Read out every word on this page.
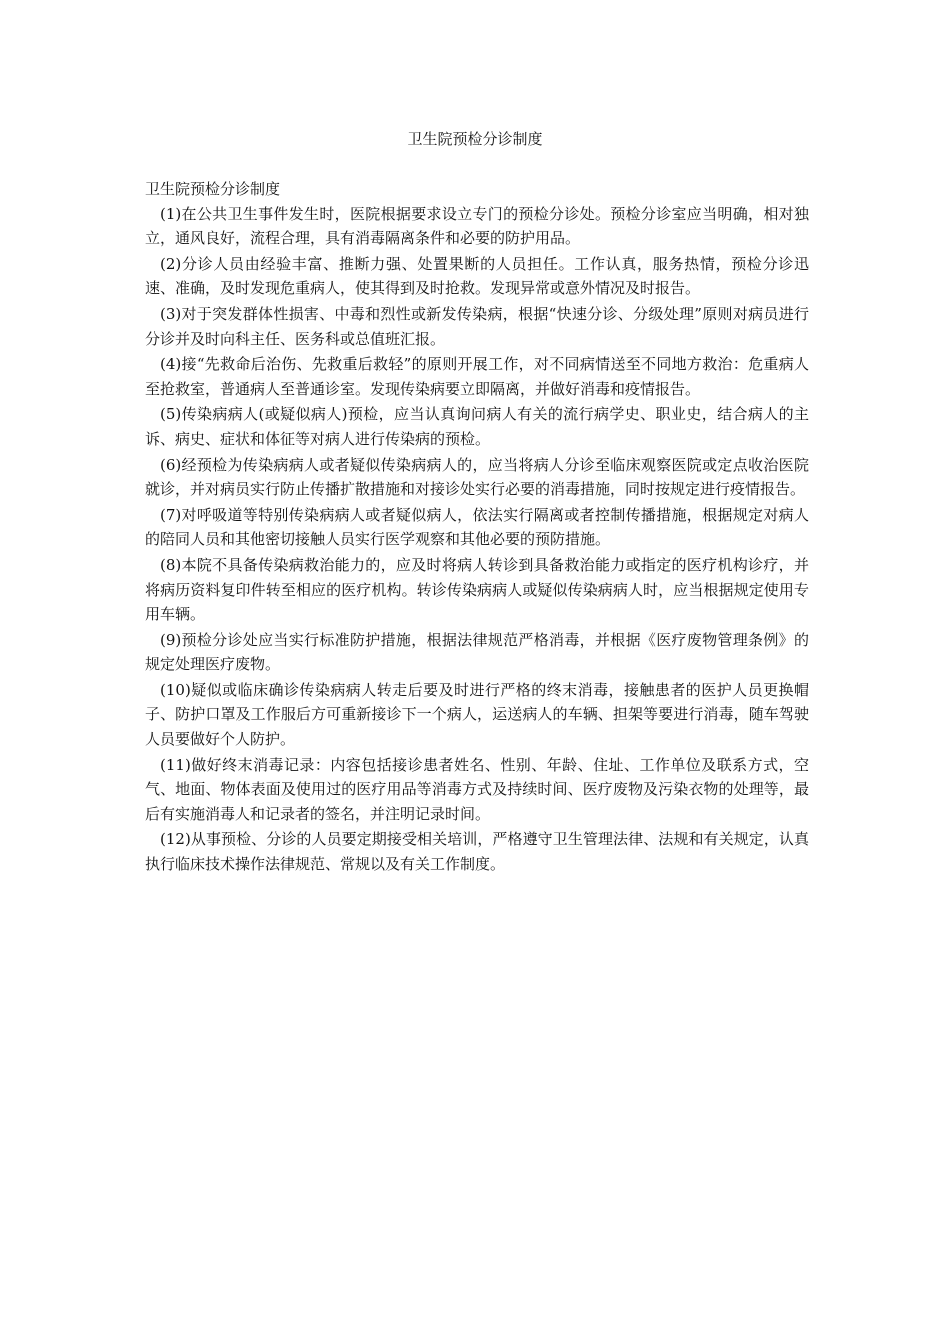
卫生院预检分诊制度

卫生院预检分诊制度

(1)在公共卫生事件发生时，医院根据要求设立专门的预检分诊处。预检分诊室应当明确，相对独立，通风良好，流程合理，具有消毒隔离条件和必要的防护用品。

(2)分诊人员由经验丰富、推断力强、处置果断的人员担任。工作认真，服务热情，预检分诊迅速、准确，及时发现危重病人，使其得到及时抢救。发现异常或意外情况及时报告。

(3)对于突发群体性损害、中毒和烈性或新发传染病，根据“快速分诊、分级处理”原则对病员进行分诊并及时向科主任、医务科或总值班汇报。

(4)接“先救命后治伤、先救重后救轻”的原则开展工作，对不同病情送至不同地方救治：危重病人至抢救室，普通病人至普通诊室。发现传染病要立即隔离，并做好消毒和疫情报告。

(5)传染病病人(或疑似病人)预检，应当认真询问病人有关的流行病学史、职业史，结合病人的主诉、病史、症状和体征等对病人进行传染病的预检。

(6)经预检为传染病病人或者疑似传染病病人的，应当将病人分诊至临床观察医院或定点收治医院就诊，并对病员实行防止传播扩散措施和对接诊处实行必要的消毒措施，同时按规定进行疫情报告。

(7)对呼吸道等特别传染病病人或者疑似病人，依法实行隔离或者控制传播措施，根据规定对病人的陪同人员和其他密切接触人员实行医学观察和其他必要的预防措施。

(8)本院不具备传染病救治能力的，应及时将病人转诊到具备救治能力或指定的医疗机构诊疗，并将病历资料复印件转至相应的医疗机构。转诊传染病病人或疑似传染病病人时，应当根据规定使用专用车辆。

(9)预检分诊处应当实行标准防护措施，根据法律规范严格消毒，并根据《医疗废物管理条例》的规定处理医疗废物。

(10)疑似或临床确诊传染病病人转走后要及时进行严格的终末消毒，接触患者的医护人员更换帽子、防护口罩及工作服后方可重新接诊下一个病人，运送病人的车辆、担架等要进行消毒，随车驾驶人员要做好个人防护。

(11)做好终末消毒记录：内容包括接诊患者姓名、性别、年龄、住址、工作单位及联系方式，空气、地面、物体表面及使用过的医疗用品等消毒方式及持续时间、医疗废物及污染衣物的处理等，最后有实施消毒人和记录者的签名，并注明记录时间。

(12)从事预检、分诊的人员要定期接受相关培训，严格遵守卫生管理法律、法规和有关规定，认真执行临床技术操作法律规范、常规以及有关工作制度。
